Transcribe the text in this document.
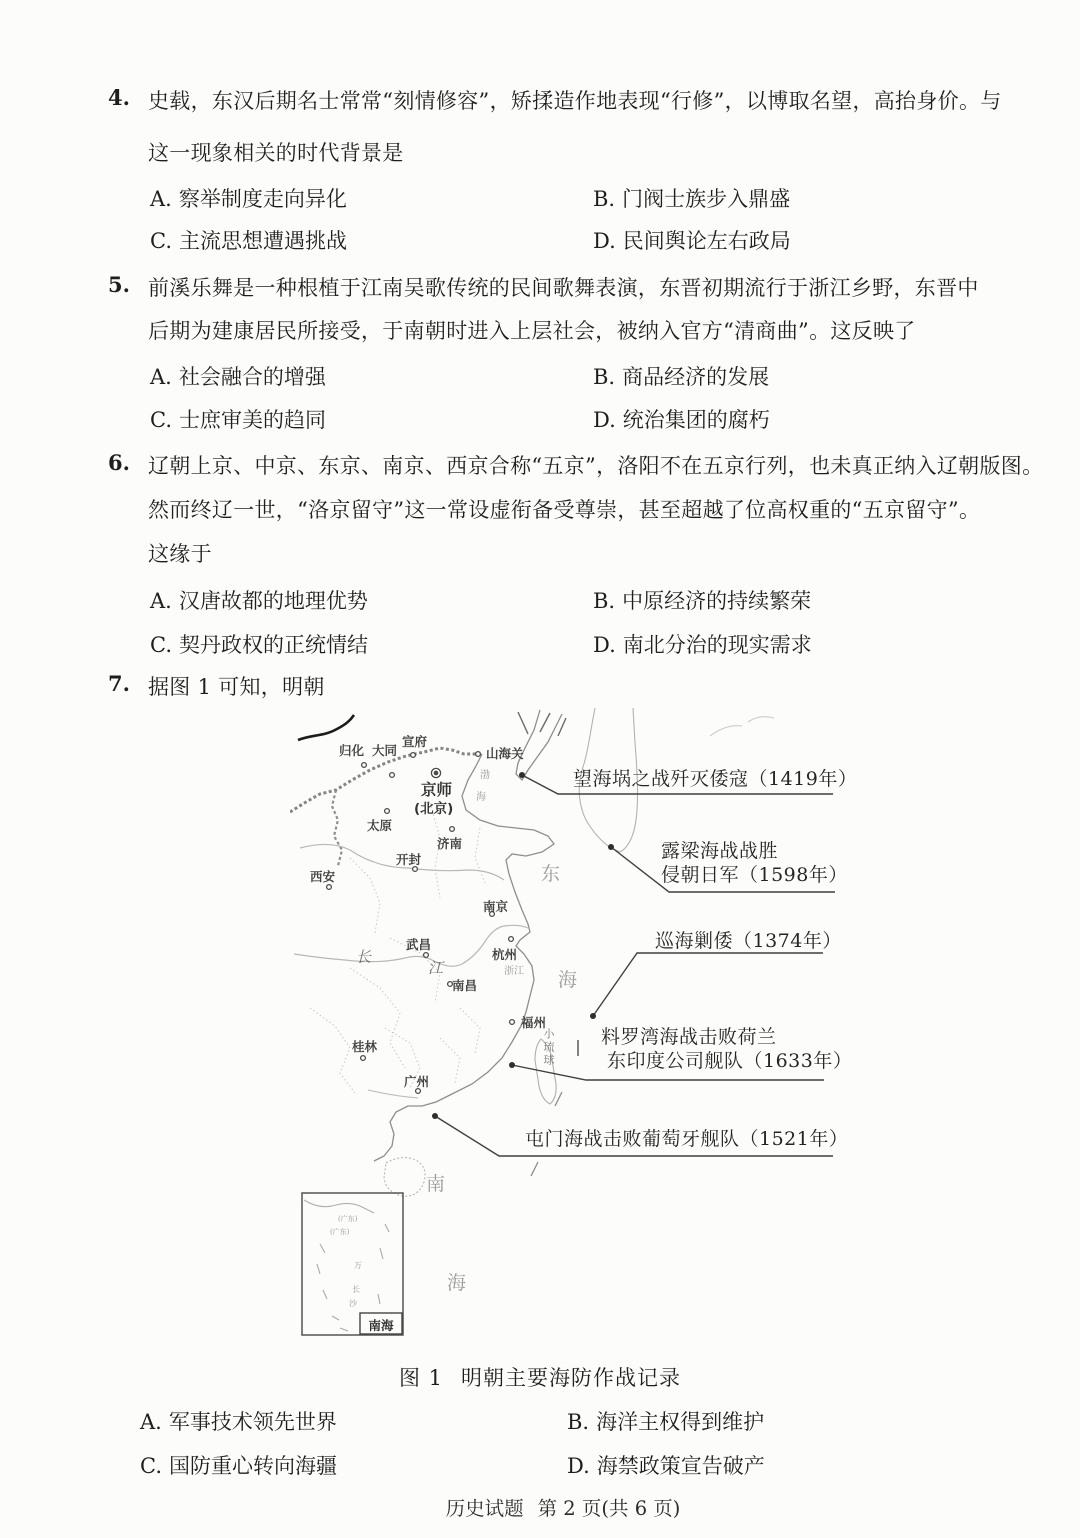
4. 史载，东汉后期名士常常“刻情修容”，矫揉造作地表现“行修”，以博取名望，高抬身价。与
这一现象相关的时代背景是
A. 察举制度走向异化	B. 门阀士族步入鼎盛
C. 主流思想遭遇挑战	D. 民间舆论左右政局
5. 前溪乐舞是一种根植于江南吴歌传统的民间歌舞表演，东晋初期流行于浙江乡野，东晋中
后期为建康居民所接受，于南朝时进入上层社会，被纳入官方“清商曲”。这反映了
A. 社会融合的增强	B. 商品经济的发展
C. 士庶审美的趋同	D. 统治集团的腐朽
6. 辽朝上京、中京、东京、南京、西京合称“五京”，洛阳不在五京行列，也未真正纳入辽朝版图。
然而终辽一世，“洛京留守”这一常设虚衔备受尊崇，甚至超越了位高权重的“五京留守”。
这缘于
A. 汉唐故都的地理优势	B. 中原经济的持续繁荣
C. 契丹政权的正统情结	D. 南北分治的现实需求
7. 据图 1 可知，明朝
归化 大同
宣府
山海关
京师
(北京)
太原
济南
开封
西安
南京
武昌
杭州
南昌
福州
桂林
广州
小琉球
渤
海
东
海
长
江	浙江
南
海
望海埚之战歼灭倭寇（1419年）
露梁海战战胜
侵朝日军（1598年）
巡海剿倭（1374年）
料罗湾海战击败荷兰
东印度公司舰队（1633年）
屯门海战击败葡萄牙舰队（1521年）
(广东)
(广东)
万
长
沙
南海
图 1 明朝主要海防作战记录
A. 军事技术领先世界	B. 海洋主权得到维护
C. 国防重心转向海疆	D. 海禁政策宣告破产
历史试题 第 2 页(共 6 页)
